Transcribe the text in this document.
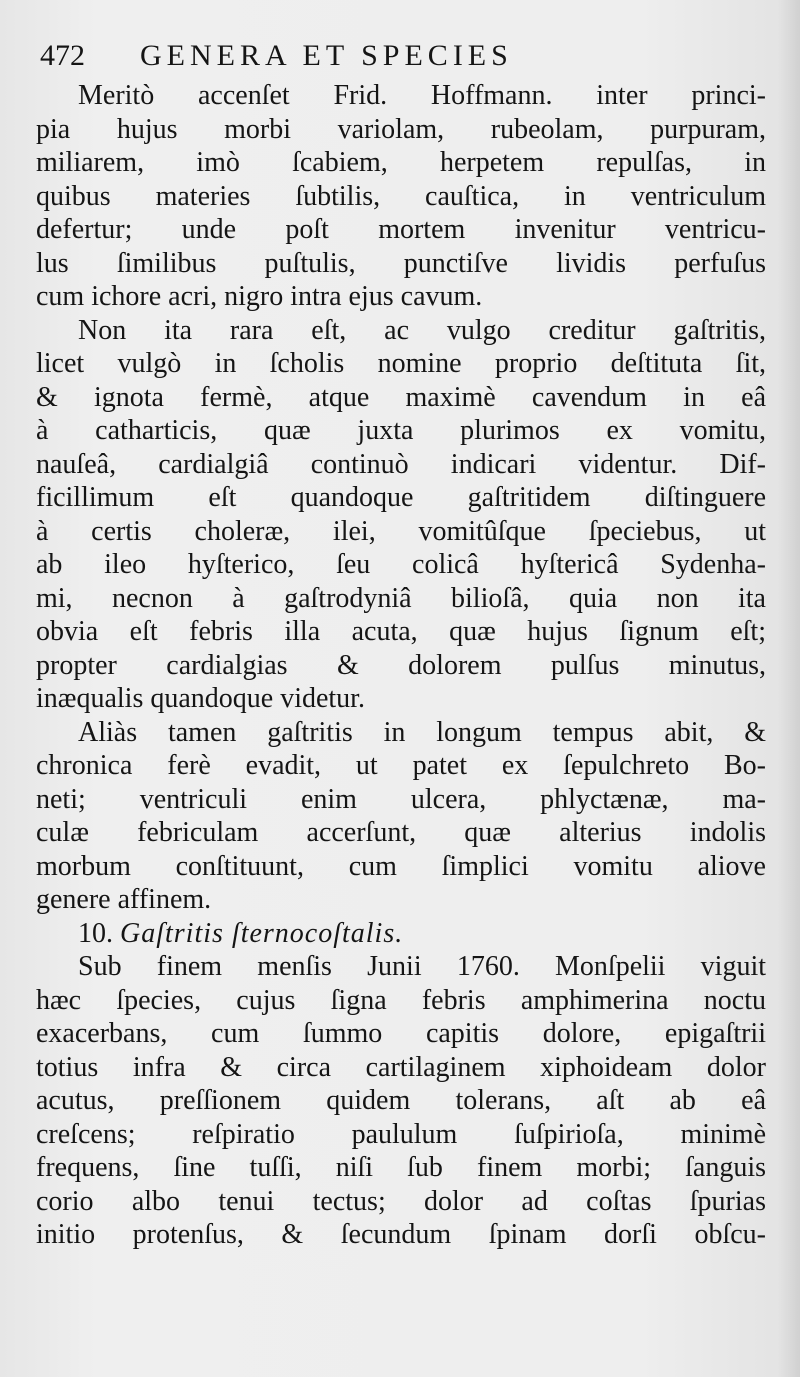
472 GENERA ET SPECIES
Meritò accenſet Frid. Hoffmann. inter princi-
pia hujus morbi variolam, rubeolam, purpuram,
miliarem, imò ſcabiem, herpetem repulſas, in
quibus materies ſubtilis, cauſtica, in ventriculum
defertur; unde poſt mortem invenitur ventricu-
lus ſimilibus puſtulis, punctiſve lividis perfuſus
cum ichore acri, nigro intra ejus cavum.
Non ita rara eſt, ac vulgo creditur gaſtritis,
licet vulgò in ſcholis nomine proprio deſtituta ſit,
& ignota fermè, atque maximè cavendum in eâ
à catharticis, quæ juxta plurimos ex vomitu,
nauſeâ, cardialgiâ continuò indicari videntur. Dif-
ficillimum eſt quandoque gaſtritidem diſtinguere
à certis choleræ, ilei, vomitûſque ſpeciebus, ut
ab ileo hyſterico, ſeu colicâ hyſtericâ Sydenha-
mi, necnon à gaſtrodyniâ bilioſâ, quia non ita
obvia eſt febris illa acuta, quæ hujus ſignum eſt;
propter cardialgias & dolorem pulſus minutus,
inæqualis quandoque videtur.
Aliàs tamen gaſtritis in longum tempus abit, &
chronica ferè evadit, ut patet ex ſepulchreto Bo-
neti; ventriculi enim ulcera, phlyctænæ, ma-
culæ febriculam accerſunt, quæ alterius indolis
morbum conſtituunt, cum ſimplici vomitu aliove
genere affinem.
10. Gaſtritis ſternocoſtalis.
Sub finem menſis Junii 1760. Monſpelii viguit
hæc ſpecies, cujus ſigna febris amphimerina noctu
exacerbans, cum ſummo capitis dolore, epigaſtrii
totius infra & circa cartilaginem xiphoideam dolor
acutus, preſſionem quidem tolerans, aſt ab eâ
creſcens; reſpiratio paululum ſuſpirioſa, minimè
frequens, ſine tuſſi, niſi ſub finem morbi; ſanguis
corio albo tenui tectus; dolor ad coſtas ſpurias
initio protenſus, & ſecundum ſpinam dorſi obſcu-
